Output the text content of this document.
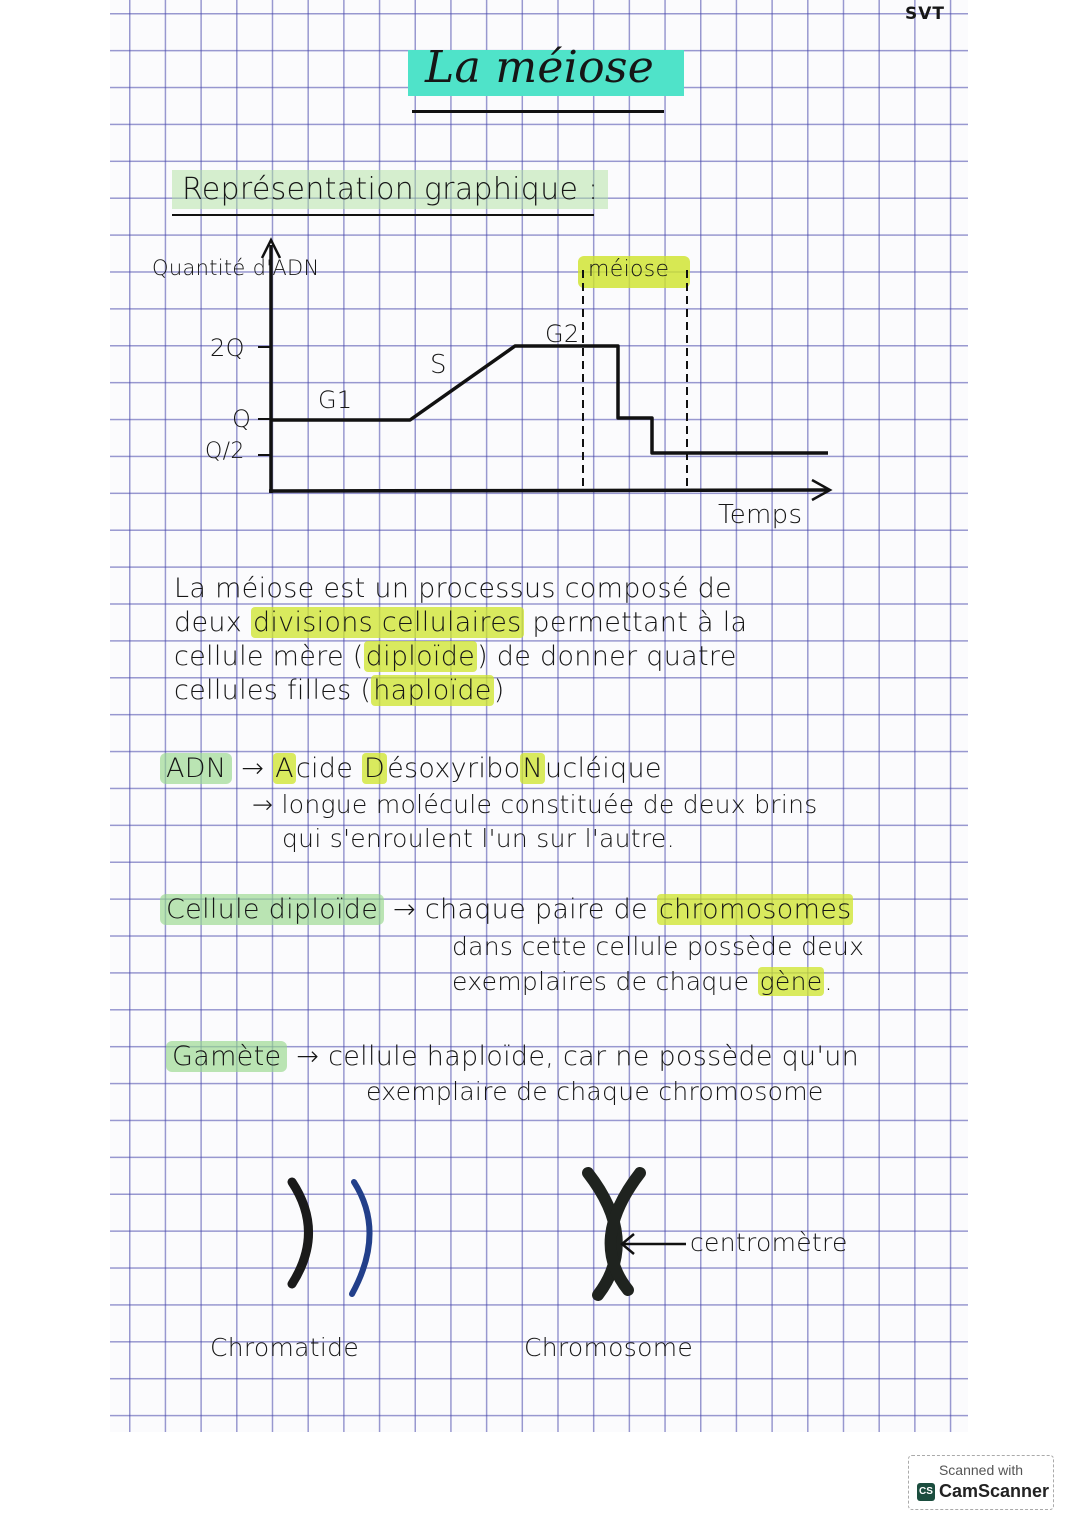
SVT
La méiose
Représentation graphique :
Quantité d'ADN
2Q
Q
Q/2
G1
S
G2
méiose
Temps
La méiose est un processus composé de
deux divisions cellulaires permettant à la
cellule mère (diploïde) de donner quatre
cellules filles (haploïde)
ADN → Acide DésoxyriboNucléique
→ longue molécule constituée de deux brins
qui s'enroulent l'un sur l'autre.
Cellule diploïde → chaque paire de chromosomes
dans cette cellule possède deux
exemplaires de chaque gène.
Gamète → cellule haploïde, car ne possède qu'un
exemplaire de chaque chromosome
centromètre
Chromatide	Chromosome
Scanned with
CS CamScanner
